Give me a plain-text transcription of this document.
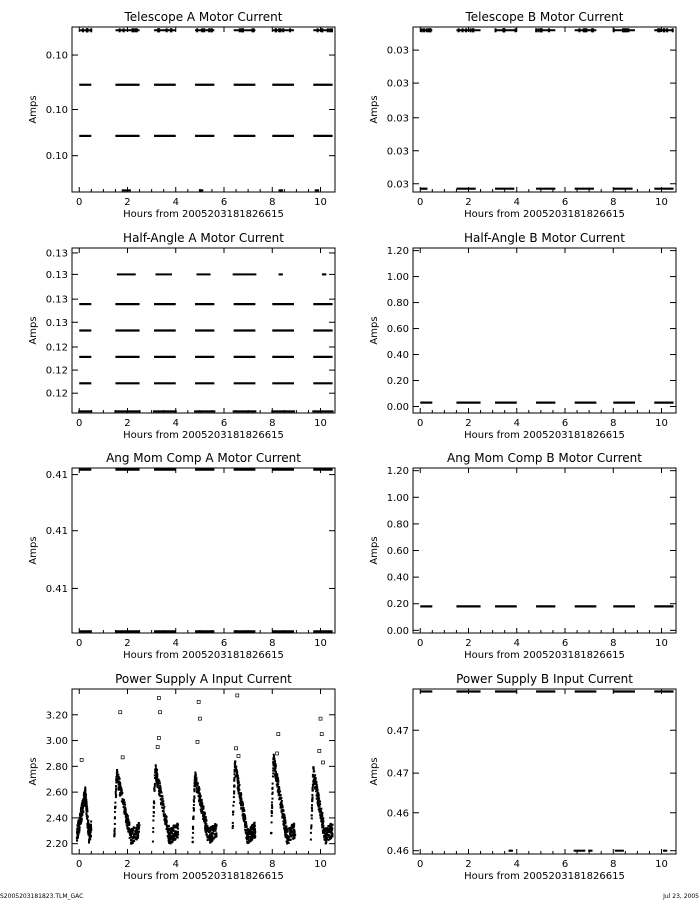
Telescope A Motor Current
0	2	4	6	8	10
0.10
0.10
0.10
Hours from 2005203181826615
Amps
Telescope B Motor Current
0	2	4	6	8	10
0.03
0.03
0.03
0.03
0.03
Hours from 2005203181826615
Amps
Half-Angle A Motor Current
0	2	4	6	8	10
0.13
0.13
0.13
0.13
0.12
0.12
0.12
Hours from 2005203181826615
Amps
Half-Angle B Motor Current
0	2	4	6	8	10
1.20
1.00
0.80
0.60
0.40
0.20
0.00
Hours from 2005203181826615
Amps
Ang Mom Comp A Motor Current
0	2	4	6	8	10
0.41
0.41
0.41
Hours from 2005203181826615
Amps
Ang Mom Comp B Motor Current
0	2	4	6	8	10
1.20
1.00
0.80
0.60
0.40
0.20
0.00
Hours from 2005203181826615
Amps
Power Supply A Input Current
0	2	4	6	8	10
3.20
3.00
2.80
2.60
2.40
2.20
Hours from 2005203181826615
Amps
Power Supply B Input Current
0	2	4	6	8	10
0.47
0.47
0.46
0.46
Hours from 2005203181826615
Amps
S2005203181823.TLM_GAC	Jul 23, 2005
